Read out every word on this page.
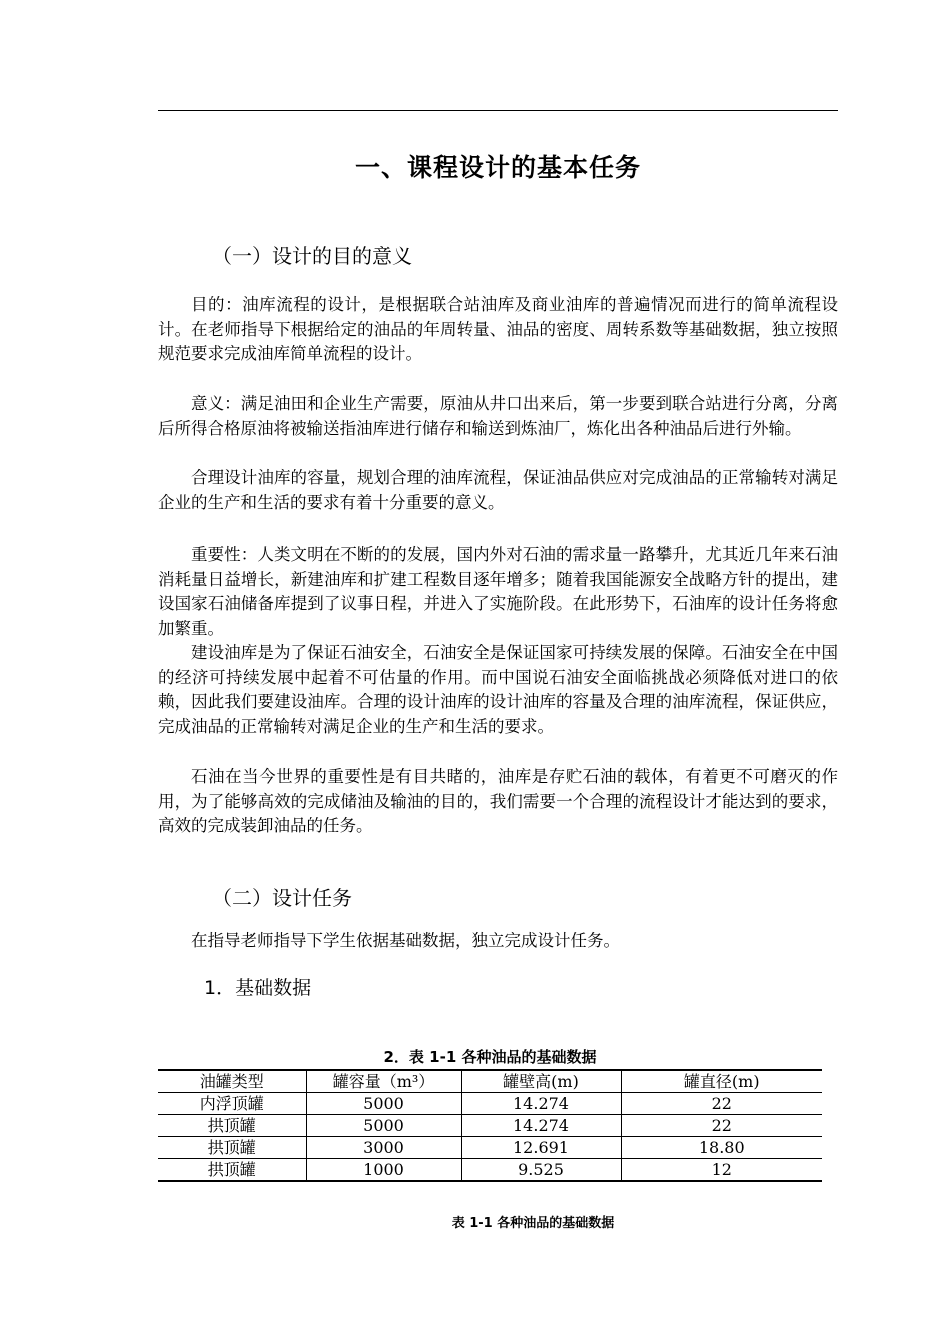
一、课程设计的基本任务
（一）设计的目的意义

目的：油库流程的设计，是根据联合站油库及商业油库的普遍情况而进行的简单流程设计。在老师指导下根据给定的油品的年周转量、油品的密度、周转系数等基础数据，独立按照规范要求完成油库简单流程的设计。

意义：满足油田和企业生产需要，原油从井口出来后，第一步要到联合站进行分离，分离后所得合格原油将被输送指油库进行储存和输送到炼油厂，炼化出各种油品后进行外输。

合理设计油库的容量，规划合理的油库流程，保证油品供应对完成油品的正常输转对满足企业的生产和生活的要求有着十分重要的意义。

重要性：人类文明在不断的的发展，国内外对石油的需求量一路攀升，尤其近几年来石油消耗量日益增长，新建油库和扩建工程数目逐年增多；随着我国能源安全战略方针的提出，建设国家石油储备库提到了议事日程，并进入了实施阶段。在此形势下，石油库的设计任务将愈加繁重。

建设油库是为了保证石油安全，石油安全是保证国家可持续发展的保障。石油安全在中国的经济可持续发展中起着不可估量的作用。而中国说石油安全面临挑战必须降低对进口的依赖，因此我们要建设油库。合理的设计油库的设计油库的容量及合理的油库流程，保证供应，完成油品的正常输转对满足企业的生产和生活的要求。

石油在当今世界的重要性是有目共睹的，油库是存贮石油的载体，有着更不可磨灭的作用，为了能够高效的完成储油及输油的目的，我们需要一个合理的流程设计才能达到的要求，高效的完成装卸油品的任务。

（二）设计任务

在指导老师指导下学生依据基础数据，独立完成设计任务。

1．基础数据
2．表 1-1 各种油品的基础数据
油罐类型	罐容量（m³）	罐壁高(m)	罐直径(m)
内浮顶罐	5000	14.274	22
拱顶罐	5000	14.274	22
拱顶罐	3000	12.691	18.80
拱顶罐	1000	9.525	12
表 1-1 各种油品的基础数据
